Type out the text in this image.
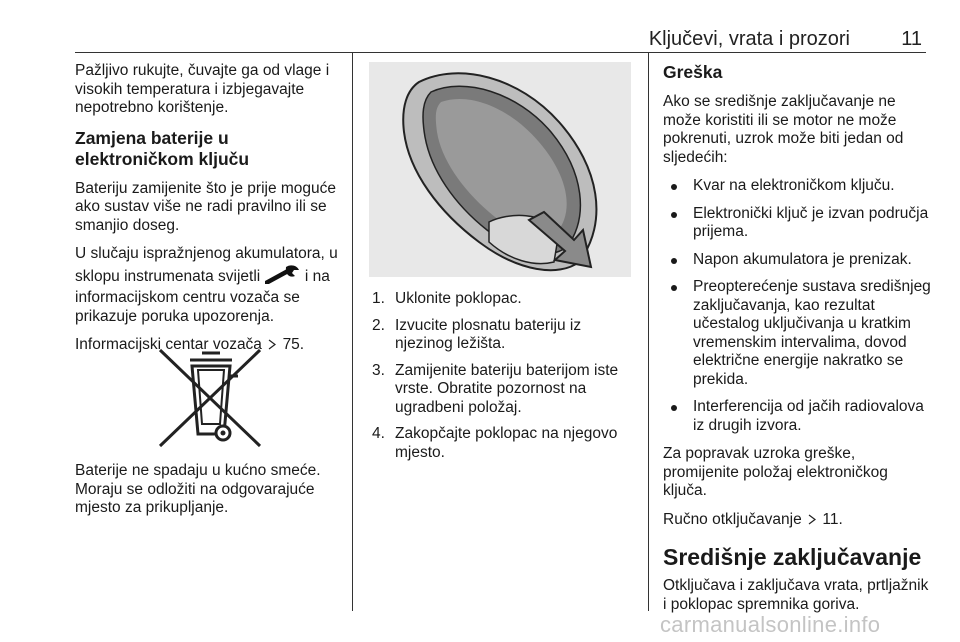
Ključevi, vrata i prozori	11

Pažljivo rukujte, čuvajte ga od vlage i visokih temperatura i izbjegavajte nepotrebno korištenje.

Zamjena baterije u elektroničkom ključu

Bateriju zamijenite što je prije moguće ako sustav više ne radi pravilno ili se smanjio doseg.

U slučaju ispražnjenog akumulatora, u sklopu instrumenata svijetli	i na informacijskom centru vozača se prikazuje poruka upozorenja.

Informacijski centar vozača 75.

Baterije ne spadaju u kućno smeće. Moraju se odložiti na odgovarajuće mjesto za prikupljanje.

1. Uklonite poklopac.
2. Izvucite plosnatu bateriju iz njezinog ležišta.
3. Zamijenite bateriju baterijom iste vrste. Obratite pozornost na ugradbeni položaj.
4. Zakopčajte poklopac na njegovo mjesto.
Greška

Ako se središnje zaključavanje ne može koristiti ili se motor ne može pokrenuti, uzrok može biti jedan od sljedećih:

Kvar na elektroničkom ključu.
Elektronički ključ je izvan područja prijema.
Napon akumulatora je prenizak.
Preopterećenje sustava središnjeg zaključavanja, kao rezultat učestalog uključivanja u kratkim vremenskim intervalima, dovod električne energije nakratko se prekida.
Interferencija od jačih radiovalova iz drugih izvora.

Za popravak uzroka greške, promijenite položaj elektroničkog ključa.

Ručno otključavanje 11.

Središnje zaključavanje

Otključava i zaključava vrata, prtljažnik i poklopac spremnika goriva.

carmanualsonline.info
